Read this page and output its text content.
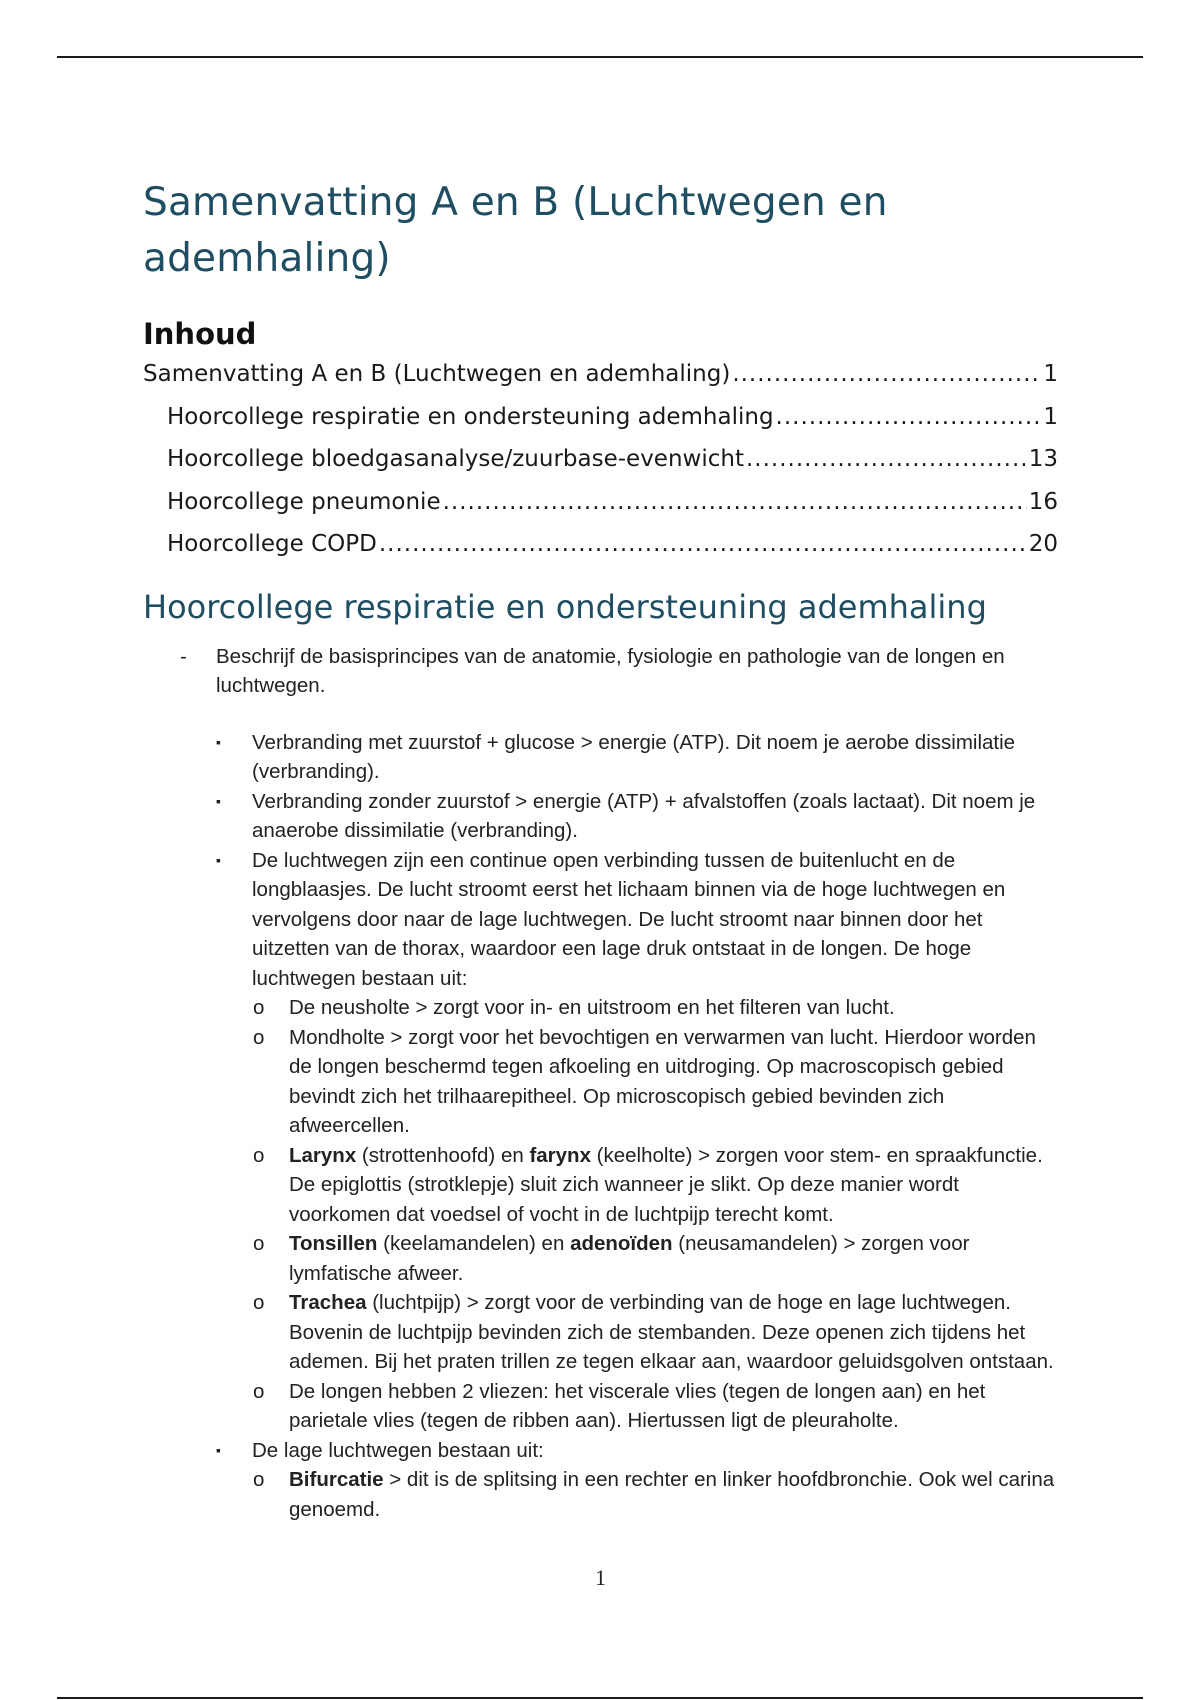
Samenvatting A en B (Luchtwegen en ademhaling)
Inhoud
Samenvatting A en B (Luchtwegen en ademhaling) .....	1
Hoorcollege respiratie en ondersteuning ademhaling .....	1
Hoorcollege bloedgasanalyse/zuurbase-evenwicht .....	13
Hoorcollege pneumonie .....	16
Hoorcollege COPD .....	20
Hoorcollege respiratie en ondersteuning ademhaling
- Beschrijf de basisprincipes van de anatomie, fysiologie en pathologie van de longen en luchtwegen.
▪ Verbranding met zuurstof + glucose > energie (ATP). Dit noem je aerobe dissimilatie (verbranding).
▪ Verbranding zonder zuurstof > energie (ATP) + afvalstoffen (zoals lactaat). Dit noem je anaerobe dissimilatie (verbranding).
▪ De luchtwegen zijn een continue open verbinding tussen de buitenlucht en de longblaasjes. De lucht stroomt eerst het lichaam binnen via de hoge luchtwegen en vervolgens door naar de lage luchtwegen. De lucht stroomt naar binnen door het uitzetten van de thorax, waardoor een lage druk ontstaat in de longen. De hoge luchtwegen bestaan uit:
o De neusholte > zorgt voor in- en uitstroom en het filteren van lucht.
o Mondholte > zorgt voor het bevochtigen en verwarmen van lucht. Hierdoor worden de longen beschermd tegen afkoeling en uitdroging. Op macroscopisch gebied bevindt zich het trilhaarepitheel. Op microscopisch gebied bevinden zich afweercellen.
o Larynx (strottenhoofd) en farynx (keelholte) > zorgen voor stem- en spraakfunctie. De epiglottis (strotklepje) sluit zich wanneer je slikt. Op deze manier wordt voorkomen dat voedsel of vocht in de luchtpijp terecht komt.
o Tonsillen (keelamandelen) en adenoïden (neusamandelen) > zorgen voor lymfatische afweer.
o Trachea (luchtpijp) > zorgt voor de verbinding van de hoge en lage luchtwegen. Bovenin de luchtpijp bevinden zich de stembanden. Deze openen zich tijdens het ademen. Bij het praten trillen ze tegen elkaar aan, waardoor geluidsgolven ontstaan.
o De longen hebben 2 vliezen: het viscerale vlies (tegen de longen aan) en het parietale vlies (tegen de ribben aan). Hiertussen ligt de pleuraholte.
▪ De lage luchtwegen bestaan uit:
o Bifurcatie > dit is de splitsing in een rechter en linker hoofdbronchie. Ook wel carina genoemd.
1
